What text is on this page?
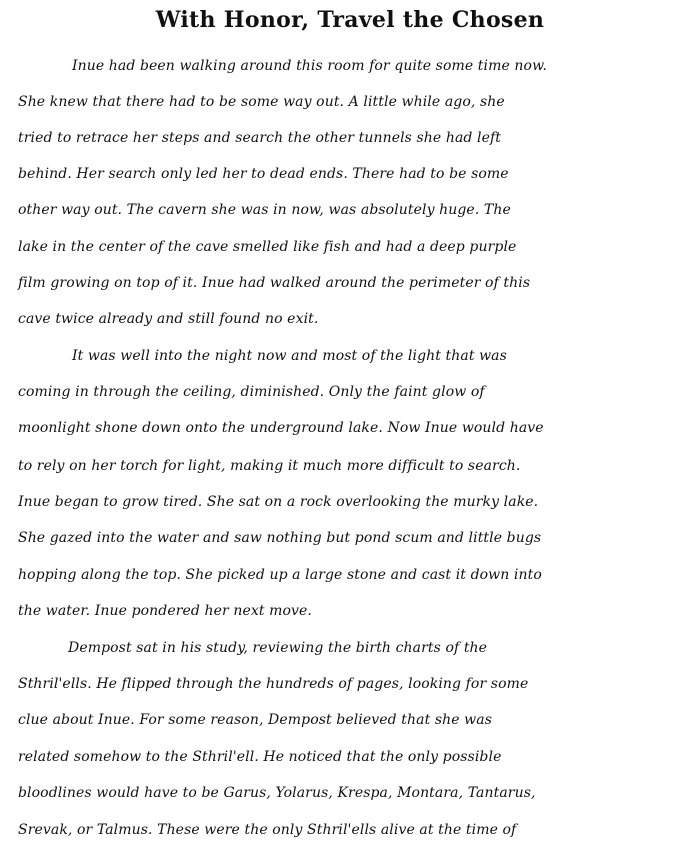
With Honor, Travel the Chosen
Inue had been walking around this room for quite some time now.
She knew that there had to be some way out. A little while ago, she
tried to retrace her steps and search the other tunnels she had left
behind. Her search only led her to dead ends. There had to be some
other way out. The cavern she was in now, was absolutely huge. The
lake in the center of the cave smelled like fish and had a deep purple
film growing on top of it. Inue had walked around the perimeter of this
cave twice already and still found no exit.
It was well into the night now and most of the light that was
coming in through the ceiling, diminished. Only the faint glow of
moonlight shone down onto the underground lake. Now Inue would have
to rely on her torch for light, making it much more difficult to search.
Inue began to grow tired. She sat on a rock overlooking the murky lake.
She gazed into the water and saw nothing but pond scum and little bugs
hopping along the top. She picked up a large stone and cast it down into
the water. Inue pondered her next move.
Dempost sat in his study, reviewing the birth charts of the
Sthril'ells. He flipped through the hundreds of pages, looking for some
clue about Inue. For some reason, Dempost believed that she was
related somehow to the Sthril'ell. He noticed that the only possible
bloodlines would have to be Garus, Yolarus, Krespa, Montara, Tantarus,
Srevak, or Talmus. These were the only Sthril'ells alive at the time of
